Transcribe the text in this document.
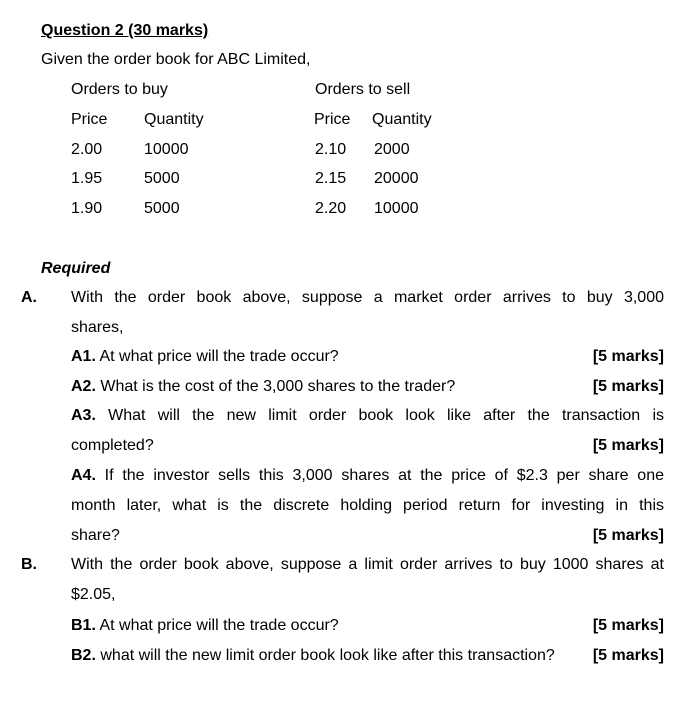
Question 2 (30 marks)
Given the order book for ABC Limited,
Orders to buy
Price Quantity
2.00	10000
1.95	5000
1.90	5000
Orders to sell
Price Quantity
2.10 2000
2.15 20000
2.20 10000
Required
A. With the order book above, suppose a market order arrives to buy 3,000
shares,
A1. At what price will the trade occur?	[5 marks]
A2. What is the cost of the 3,000 shares to the trader?	[5 marks]
A3. What will the new limit order book look like after the transaction is
completed?	[5 marks]
A4. If the investor sells this 3,000 shares at the price of $2.3 per share one
month later, what is the discrete holding period return for investing in this
share?	[5 marks]
B. With the order book above, suppose a limit order arrives to buy 1000 shares at
$2.05,
B1. At what price will the trade occur?	[5 marks]
B2. what will the new limit order book look like after this transaction? [5 marks]
